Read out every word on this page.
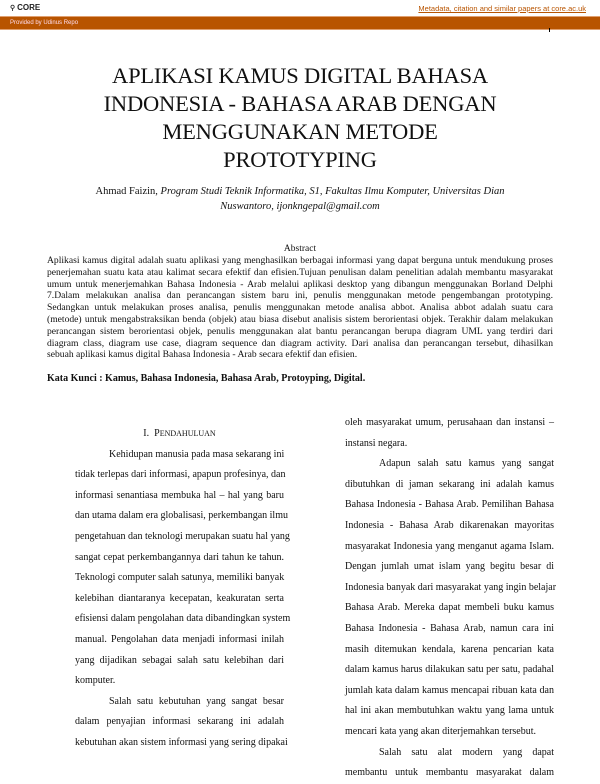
⚲ CORE	Metadata, citation and similar papers at core.ac.uk
Provided by Udinus Repo
APLIKASI KAMUS DIGITAL BAHASA
INDONESIA - BAHASA ARAB DENGAN
MENGGUNAKAN METODE
PROTOTYPING
Ahmad Faizin, Program Studi Teknik Informatika, S1, Fakultas Ilmu Komputer, Universitas Dian
Nuswantoro, ijonkngepal@gmail.com
Abstract
Aplikasi kamus digital adalah suatu aplikasi yang menghasilkan berbagai informasi yang dapat berguna untuk mendukung proses
penerjemahan suatu kata atau kalimat secara efektif dan efisien.Tujuan penulisan dalam penelitian adalah membantu masyarakat
umum untuk menerjemahkan Bahasa Indonesia - Arab melalui aplikasi desktop yang dibangun menggunakan Borland Delphi
7.Dalam melakukan analisa dan perancangan sistem baru ini, penulis menggunakan metode pengembangan prototyping.
Sedangkan untuk melakukan proses analisa, penulis menggunakan metode analisa abbot. Analisa abbot adalah suatu cara
(metode) untuk mengabstraksikan benda (objek) atau biasa disebut analisis sistem berorientasi objek. Terakhir dalam melakukan
perancangan sistem berorientasi objek, penulis menggunakan alat bantu perancangan berupa diagram UML yang terdiri dari
diagram class, diagram use case, diagram sequence dan diagram activity. Dari analisa dan perancangan tersebut, dihasilkan
sebuah aplikasi kamus digital Bahasa Indonesia - Arab secara efektif dan efisien.
Kata Kunci : Kamus, Bahasa Indonesia, Bahasa Arab, Protoyping, Digital.
I. PENDAHULUAN
Kehidupan manusia pada masa sekarang ini
tidak terlepas dari informasi, apapun profesinya, dan
informasi senantiasa membuka hal – hal yang baru
dan utama dalam era globalisasi, perkembangan ilmu
pengetahuan dan teknologi merupakan suatu hal yang
sangat cepat perkembangannya dari tahun ke tahun.
Teknologi computer salah satunya, memiliki banyak
kelebihan diantaranya kecepatan, keakuratan serta
efisiensi dalam pengolahan data dibandingkan system
manual. Pengolahan data menjadi informasi inilah
yang dijadikan sebagai salah satu kelebihan dari
komputer.
Salah satu kebutuhan yang sangat besar
dalam penyajian informasi sekarang ini adalah
kebutuhan akan sistem informasi yang sering dipakai
oleh masyarakat umum, perusahaan dan instansi –
instansi negara.
Adapun salah satu kamus yang sangat
dibutuhkan di jaman sekarang ini adalah kamus
Bahasa Indonesia - Bahasa Arab. Pemilihan Bahasa
Indonesia - Bahasa Arab dikarenakan mayoritas
masyarakat Indonesia yang menganut agama Islam.
Dengan jumlah umat islam yang begitu besar di
Indonesia banyak dari masyarakat yang ingin belajar
Bahasa Arab. Mereka dapat membeli buku kamus
Bahasa Indonesia - Bahasa Arab, namun cara ini
masih ditemukan kendala, karena pencarian kata
dalam kamus harus dilakukan satu per satu, padahal
jumlah kata dalam kamus mencapai ribuan kata dan
hal ini akan membutuhkan waktu yang lama untuk
mencari kata yang akan diterjemahkan tersebut.
Salah satu alat modern yang dapat
membantu untuk membantu masyarakat dalam
